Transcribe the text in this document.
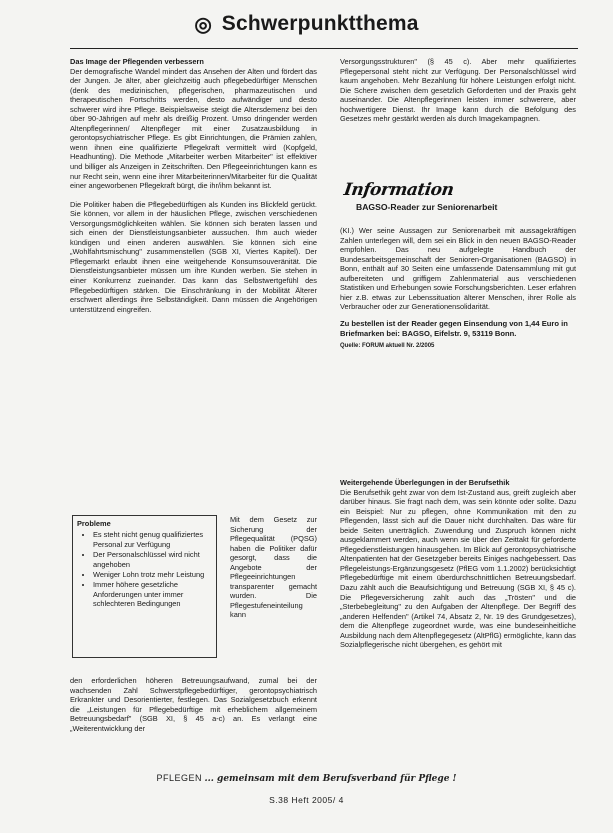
◎ Schwerpunktthema

Das Image der Pflegenden verbessern

Der demografische Wandel mindert das Ansehen der Alten und fördert das der Jungen. Je älter, aber gleichzeitig auch pflegebedürftiger Menschen (denk des medizinischen, pflegerischen, pharmazeutischen und therapeutischen Fortschritts werden, desto aufwändiger und desto schwerer wird ihre Pflege. Beispielsweise steigt die Altersdemenz bei den über 90-Jährigen auf mehr als dreißig Prozent. Umso dringender werden Altenpflegerinnen/ Altenpfleger mit einer Zusatzausbildung in gerontopsychiatrischer Pflege. Es gibt Einrichtungen, die Prämien zahlen, wenn ihnen eine qualifizierte Pflegekraft vermittelt wird (Kopfgeld, Headhunting). Die Methode „Mitarbeiter werben Mitarbeiter" ist effektiver und billiger als Anzeigen in Zeitschriften. Den Pflegeeinrichtungen kann es nur Recht sein, wenn eine ihrer Mitarbeiterinnen/Mitarbeiter für die Qualität einer angeworbenen Pflegekraft bürgt, die ihr/ihm bekannt ist.

Die Politiker haben die Pflegebedürftigen als Kunden ins Blickfeld gerückt. Sie können, vor allem in der häuslichen Pflege, zwischen verschiedenen Versorgungsmöglichkeiten wählen. Sie können sich beraten lassen und sich einen der Dienstleistungsanbieter aussuchen. Ihm auch wieder kündigen und einen anderen auswählen. Sie können sich eine „Wohlfahrtsmischung" zusammenstellen (SGB XI, Viertes Kapitel). Der Pflegemarkt erlaubt ihnen eine weitgehende Konsumsouveränität. Die Dienstleistungsanbieter müssen um ihre Kunden werben. Sie stehen in einer Konkurrenz zueinander. Das kann das Selbstwertgefühl des Pflegebedürftigen stärken. Die Einschränkung in der Mobilität Älterer erschwert allerdings ihre Selbständigkeit. Dann müssen die Angehörigen unterstützend eingreifen.

Probleme
• Es steht nicht genug qualifiziertes Personal zur Verfügung
• Der Personalschlüssel wird nicht angehoben
• Weniger Lohn trotz mehr Leistung
• Immer höhere gesetzliche Anforderungen unter immer schlechteren Bedingungen
Mit dem Gesetz zur Sicherung der Pflegequalität (PQSG) haben die Politiker dafür gesorgt, dass die Angebote der Pflegeeinrichtungen transparenter gemacht wurden. Die Pflegestufeneinteilung kann
den erforderlichen höheren Betreuungsaufwand, zumal bei der wachsenden Zahl Schwerstpflegebedürftiger, gerontopsychiatrisch Erkrankter und Desorientierter, festlegen. Das Sozialgesetzbuch erkennt die „Leistungen für Pflegebedürftige mit erheblichem allgemeinem Betreuungsbedarf" (SGB XI, § 45 a-c) an. Es verlangt eine „Weiterentwicklung der
Versorgungsstrukturen" (§ 45 c). Aber mehr qualifiziertes Pflegepersonal steht nicht zur Verfügung. Der Personalschlüssel wird kaum angehoben. Mehr Bezahlung für höhere Leistungen erfolgt nicht. Die Schere zwischen dem gesetzlich Geforderten und der Praxis geht auseinander. Die Altenpflegerinnen leisten immer schwerere, aber hochwertigere Dienst. Ihr Image kann durch die Befolgung des Gesetzes mehr gestärkt werden als durch Imagekampagnen.
Information
BAGSO-Reader zur Seniorenarbeit
(KI.) Wer seine Aussagen zur Seniorenarbeit mit aussagekräftigen Zahlen unterlegen will, dem sei ein Blick in den neuen BAGSO-Reader empfohlen. Das neu aufgelegte Handbuch der Bundesarbeitsgemeinschaft der Senioren-Organisationen (BAGSO) in Bonn, enthält auf 30 Seiten eine umfassende Datensammlung mit gut aufbereiteten und griffigem Zahlenmaterial aus verschiedenen Statistiken und Erhebungen sowie Forschungsberichten. Leser erfahren hier z.B. etwas zur Lebenssituation älterer Menschen, ihrer Rolle als Verbraucher oder zur Generationensolidarität.
Zu bestellen ist der Reader gegen Einsendung von 1,44 Euro in Briefmarken bei: BAGSO, Eifelstr. 9, 53119 Bonn.
Quelle: FORUM aktuell Nr. 2/2005

Weitergehende Überlegungen in der Berufsethik

Die Berufsethik geht zwar von dem Ist-Zustand aus, greift zugleich aber darüber hinaus. Sie fragt nach dem, was sein könnte oder sollte. Dazu ein Beispiel: Nur zu pflegen, ohne Kommunikation mit den zu Pflegenden, lässt sich auf die Dauer nicht durchhalten. Das wäre für beide Seiten unerträglich. Zuwendung und Zuspruch können nicht ausgeklammert werden, auch wenn sie über den Zeittakt für geforderte Pflegedienstleistungen hinausgehen. Im Blick auf gerontopsychiatrische Altenpatienten hat der Gesetzgeber bereits Einiges nachgebessert. Das Pflegeleistungs-Ergänzungsgesetz (PflEG vom 1.1.2002) berücksichtigt Pflegebedürftige mit einem überdurchschnittlichen Betreuungsbedarf. Dazu zählt auch die Beaufsichtigung und Betreuung (SGB XI, § 45 c). Die Pflegeversicherung zahlt auch das „Trösten" und die „Sterbebegleitung" zu den Aufgaben der Altenpflege. Der Begriff des „anderen Helfenden" (Artikel 74, Absatz 2, Nr. 19 des Grundgesetzes), dem die Altenpflege zugeordnet wurde, was eine bundeseinheitliche Ausbildung nach dem Altenpflegegesetz (AltPflG) ermöglichte, kann das Sozialpflegerische nicht übergehen, es gehört mit

PFLEGEN ... gemeinsam mit dem Berufsverband für Pflege !
S.38 Heft 2005/ 4
